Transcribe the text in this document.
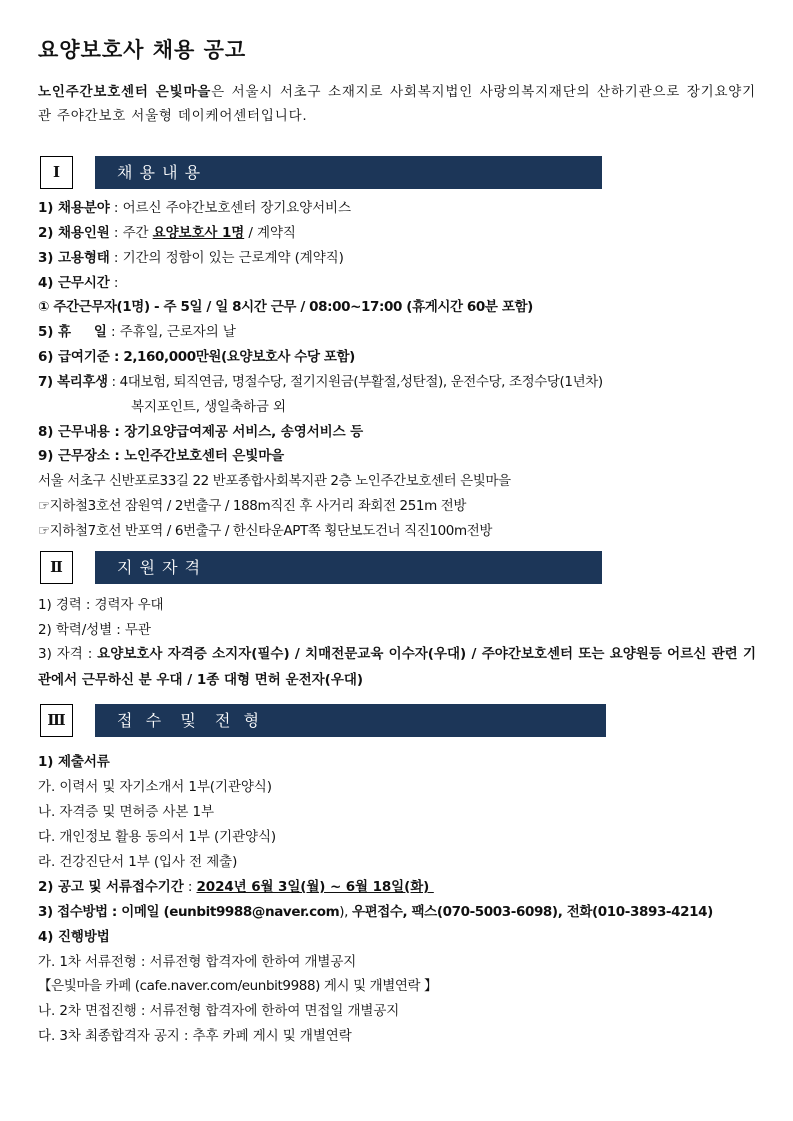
요양보호사 채용 공고
노인주간보호센터 은빛마을은 서울시 서초구 소재지로 사회복지법인 사랑의복지재단의 산하기관으로 장기요양기관 주야간보호 서울형 데이케어센터입니다.
Ⅰ	채 용 내 용
1) 채용분야 : 어르신 주야간보호센터 장기요양서비스
2) 채용인원 : 주간 요양보호사 1명 / 계약직
3) 고용형태 : 기간의 정함이 있는 근로계약 (계약직)
4) 근무시간 :
① 주간근무자(1명) - 주 5일 / 일 8시간 근무 / 08:00~17:00 (휴게시간 60분 포함)
5) 휴     일 : 주휴일, 근로자의 날
6) 급여기준 : 2,160,000만원(요양보호사 수당 포함)
7) 복리후생 : 4대보험, 퇴직연금, 명절수당, 절기지원금(부활절,성탄절), 운전수당, 조정수당(1년차)
복지포인트, 생일축하금 외
8) 근무내용 : 장기요양급여제공 서비스, 송영서비스 등
9) 근무장소 : 노인주간보호센터 은빛마을
서울 서초구 신반포로33길 22 반포종합사회복지관 2층 노인주간보호센터 은빛마을
☞지하철3호선 잠원역 / 2번출구 / 188m직진 후 사거리 좌회전 251m 전방
☞지하철7호선 반포역 / 6번출구 / 한신타운APT쪽 횡단보도건너 직진100m전방
Ⅱ	지 원 자 격
1) 경력 : 경력자 우대
2) 학력/성별 : 무관
3) 자격 : 요양보호사 자격증 소지자(필수) / 치매전문교육 이수자(우대) / 주야간보호센터 또는 요양원등 어르신 관련 기관에서 근무하신 분 우대 / 1종 대형 면허 운전자(우대)
Ⅲ	접  수   및   전  형
1) 제출서류
가. 이력서 및 자기소개서 1부(기관양식)
나. 자격증 및 면허증 사본 1부
다. 개인정보 활용 동의서 1부 (기관양식)
라. 건강진단서 1부 (입사 전 제출)
2) 공고 및 서류접수기간 : 2024년 6월 3일(월) ~ 6월 18일(화)
3) 접수방법 : 이메일 (eunbit9988@naver.com), 우편접수, 팩스(070-5003-6098), 전화(010-3893-4214)
4) 진행방법
가. 1차 서류전형 : 서류전형 합격자에 한하여 개별공지
【은빛마을 카페 (cafe.naver.com/eunbit9988) 게시 및 개별연락 】
나. 2차 면접진행 : 서류전형 합격자에 한하여 면접일 개별공지
다. 3차 최종합격자 공지 : 추후 카페 게시 및 개별연락
